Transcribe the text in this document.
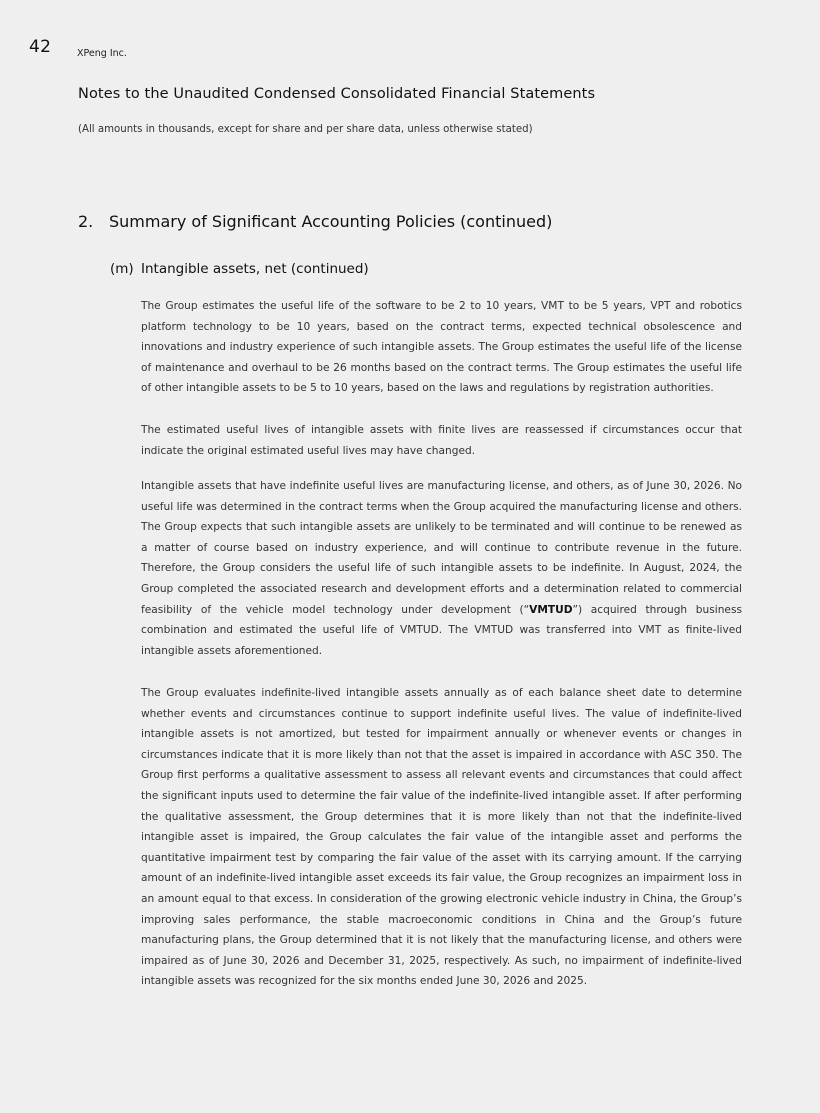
42	XPeng Inc.
Notes to the Unaudited Condensed Consolidated Financial Statements
(All amounts in thousands, except for share and per share data, unless otherwise stated)
2. Summary of Significant Accounting Policies (continued)
(m) Intangible assets, net (continued)
The Group estimates the useful life of the software to be 2 to 10 years, VMT to be 5 years, VPT and robotics platform technology to be 10 years, based on the contract terms, expected technical obsolescence and innovations and industry experience of such intangible assets. The Group estimates the useful life of the license of maintenance and overhaul to be 26 months based on the contract terms. The Group estimates the useful life of other intangible assets to be 5 to 10 years, based on the laws and regulations by registration authorities.
The estimated useful lives of intangible assets with finite lives are reassessed if circumstances occur that indicate the original estimated useful lives may have changed.
Intangible assets that have indefinite useful lives are manufacturing license, and others, as of June 30, 2026. No useful life was determined in the contract terms when the Group acquired the manufacturing license and others. The Group expects that such intangible assets are unlikely to be terminated and will continue to be renewed as a matter of course based on industry experience, and will continue to contribute revenue in the future. Therefore, the Group considers the useful life of such intangible assets to be indefinite. In August, 2024, the Group completed the associated research and development efforts and a determination related to commercial feasibility of the vehicle model technology under development (“VMTUD”) acquired through business combination and estimated the useful life of VMTUD. The VMTUD was transferred into VMT as finite-lived intangible assets aforementioned.
The Group evaluates indefinite-lived intangible assets annually as of each balance sheet date to determine whether events and circumstances continue to support indefinite useful lives. The value of indefinite-lived intangible assets is not amortized, but tested for impairment annually or whenever events or changes in circumstances indicate that it is more likely than not that the asset is impaired in accordance with ASC 350. The Group first performs a qualitative assessment to assess all relevant events and circumstances that could affect the significant inputs used to determine the fair value of the indefinite-lived intangible asset. If after performing the qualitative assessment, the Group determines that it is more likely than not that the indefinite-lived intangible asset is impaired, the Group calculates the fair value of the intangible asset and performs the quantitative impairment test by comparing the fair value of the asset with its carrying amount. If the carrying amount of an indefinite-lived intangible asset exceeds its fair value, the Group recognizes an impairment loss in an amount equal to that excess. In consideration of the growing electronic vehicle industry in China, the Group’s improving sales performance, the stable macroeconomic conditions in China and the Group’s future manufacturing plans, the Group determined that it is not likely that the manufacturing license, and others were impaired as of June 30, 2026 and December 31, 2025, respectively. As such, no impairment of indefinite-lived intangible assets was recognized for the six months ended June 30, 2026 and 2025.
